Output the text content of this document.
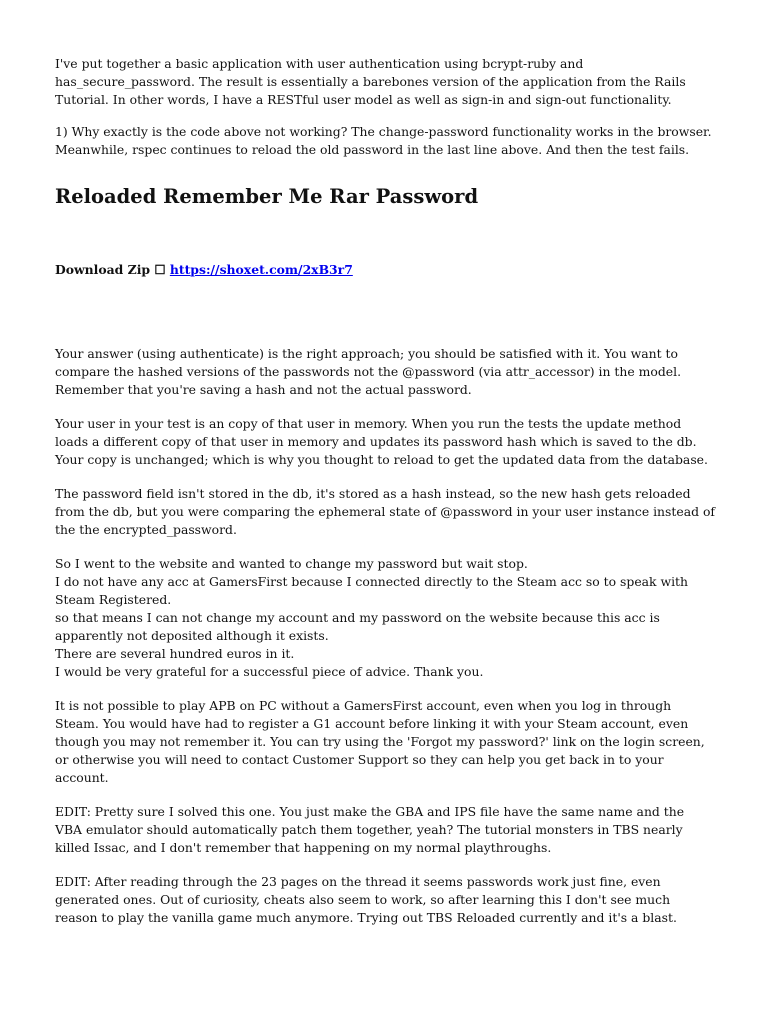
I've put together a basic application with user authentication using bcrypt-ruby and has_secure_password. The result is essentially a barebones version of the application from the Rails Tutorial. In other words, I have a RESTful user model as well as sign-in and sign-out functionality.

1) Why exactly is the code above not working? The change-password functionality works in the browser. Meanwhile, rspec continues to reload the old password in the last line above. And then the test fails.

Reloaded Remember Me Rar Password
Download Zip ☐ https://shoxet.com/2xB3r7

Your answer (using authenticate) is the right approach; you should be satisfied with it. You want to compare the hashed versions of the passwords not the @password (via attr_accessor) in the model. Remember that you're saving a hash and not the actual password.

Your user in your test is an copy of that user in memory. When you run the tests the update method loads a different copy of that user in memory and updates its password hash which is saved to the db. Your copy is unchanged; which is why you thought to reload to get the updated data from the database.

The password field isn't stored in the db, it's stored as a hash instead, so the new hash gets reloaded from the db, but you were comparing the ephemeral state of @password in your user instance instead of the the encrypted_password.

So I went to the website and wanted to change my password but wait stop.
I do not have any acc at GamersFirst because I connected directly to the Steam acc so to speak with Steam Registered.
so that means I can not change my account and my password on the website because this acc is apparently not deposited although it exists.
There are several hundred euros in it.
I would be very grateful for a successful piece of advice. Thank you.

It is not possible to play APB on PC without a GamersFirst account, even when you log in through Steam. You would have had to register a G1 account before linking it with your Steam account, even though you may not remember it. You can try using the 'Forgot my password?' link on the login screen, or otherwise you will need to contact Customer Support so they can help you get back in to your account.

EDIT: Pretty sure I solved this one. You just make the GBA and IPS file have the same name and the VBA emulator should automatically patch them together, yeah? The tutorial monsters in TBS nearly killed Issac, and I don't remember that happening on my normal playthroughs.

EDIT: After reading through the 23 pages on the thread it seems passwords work just fine, even generated ones. Out of curiosity, cheats also seem to work, so after learning this I don't see much reason to play the vanilla game much anymore. Trying out TBS Reloaded currently and it's a blast.
